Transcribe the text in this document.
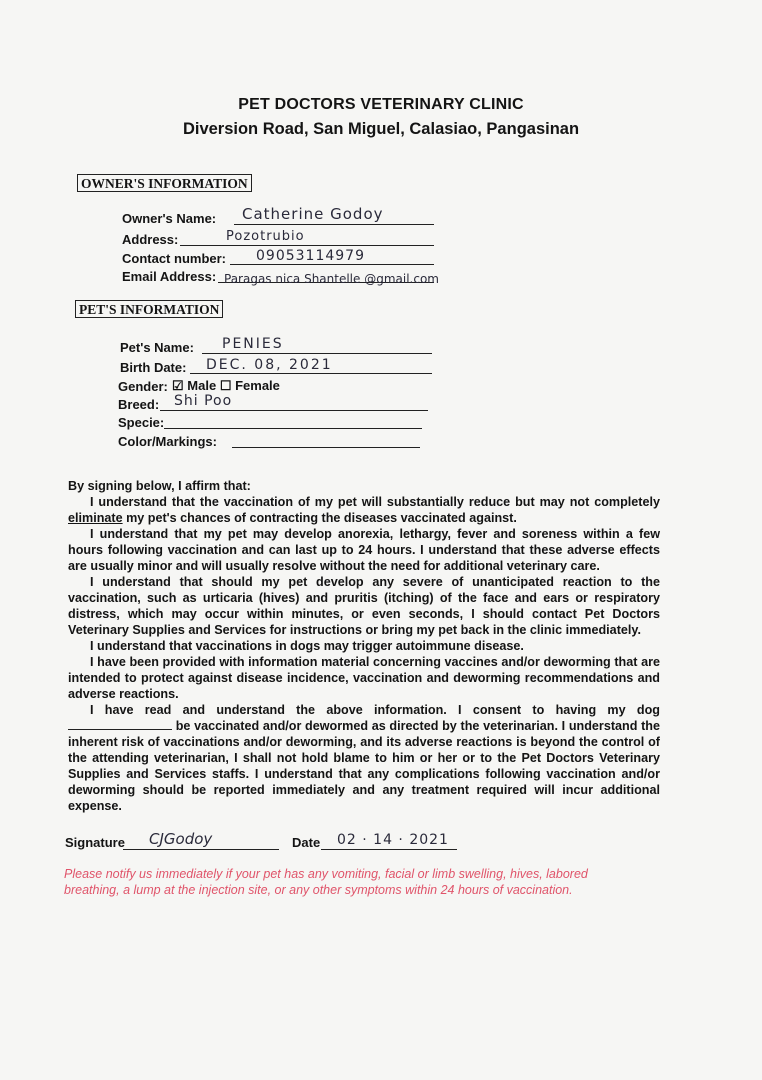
PET DOCTORS VETERINARY CLINIC
Diversion Road, San Miguel, Calasiao, Pangasinan
OWNER'S INFORMATION
Owner's Name: Catherine Godoy
Address:	Pozotrubio
Contact number: 09053114979
Email Address: Paragas nica Shantelle @gmail.com
PET'S INFORMATION
Pet's Name: PENIES
Birth Date: DEC. 08, 2021
Gender: ☑ Male ☐ Female
Breed: Shi Poo
Specie:
Color/Markings:

By signing below, I affirm that:

I understand that the vaccination of my pet will substantially reduce but may not completely eliminate my pet's chances of contracting the diseases vaccinated against.

I understand that my pet may develop anorexia, lethargy, fever and soreness within a few hours following vaccination and can last up to 24 hours. I understand that these adverse effects are usually minor and will usually resolve without the need for additional veterinary care.

I understand that should my pet develop any severe of unanticipated reaction to the vaccination, such as urticaria (hives) and pruritis (itching) of the face and ears or respiratory distress, which may occur within minutes, or even seconds, I should contact Pet Doctors Veterinary Supplies and Services for instructions or bring my pet back in the clinic immediately.

I understand that vaccinations in dogs may trigger autoimmune disease.

I have been provided with information material concerning vaccines and/or deworming that are intended to protect against disease incidence, vaccination and deworming recommendations and adverse reactions.

I have read and understand the above information. I consent to having my dog  be vaccinated and/or dewormed as directed by the veterinarian. I understand the inherent risk of vaccinations and/or deworming, and its adverse reactions is beyond the control of the attending veterinarian, I shall not hold blame to him or her or to the Pet Doctors Veterinary Supplies and Services staffs. I understand that any complications following vaccination and/or deworming should be reported immediately and any treatment required will incur additional expense.

Signature CJGodoy	Date 02 · 14 · 2021
Please notify us immediately if your pet has any vomiting, facial or limb swelling, hives, labored breathing, a lump at the injection site, or any other symptoms within 24 hours of vaccination.
